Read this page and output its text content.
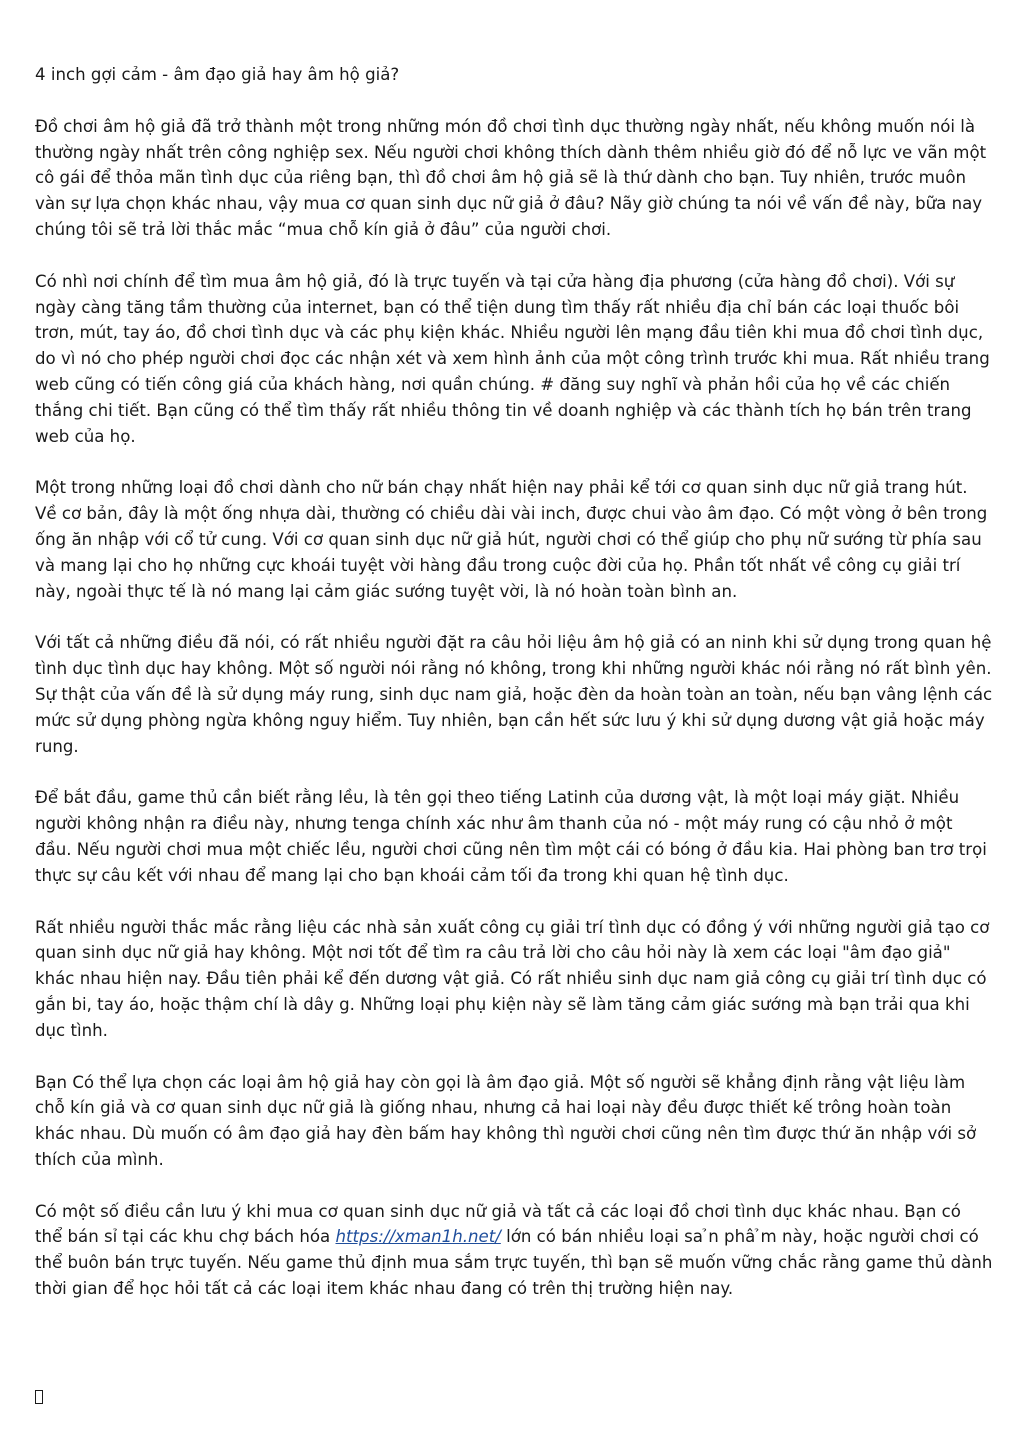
4 inch gợi cảm - âm đạo giả hay âm hộ giả?

Đồ chơi âm hộ giả đã trở thành một trong những món đồ chơi tình dục thường ngày nhất, nếu không muốn nói là thường ngày nhất trên công nghiệp sex. Nếu người chơi không thích dành thêm nhiều giờ đó để nỗ lực ve vãn một cô gái để thỏa mãn tình dục của riêng bạn, thì đồ chơi âm hộ giả sẽ là thứ dành cho bạn. Tuy nhiên, trước muôn vàn sự lựa chọn khác nhau, vậy mua cơ quan sinh dục nữ giả ở đâu? Nãy giờ chúng ta nói về vấn đề này, bữa nay chúng tôi sẽ trả lời thắc mắc “mua chỗ kín giả ở đâu” của người chơi.

Có nhì nơi chính để tìm mua âm hộ giả, đó là trực tuyến và tại cửa hàng địa phương (cửa hàng đồ chơi). Với sự ngày càng tăng tầm thường của internet, bạn có thể tiện dung tìm thấy rất nhiều địa chỉ bán các loại thuốc bôi trơn, mút, tay áo, đồ chơi tình dục và các phụ kiện khác. Nhiều người lên mạng đầu tiên khi mua đồ chơi tình dục, do vì nó cho phép người chơi đọc các nhận xét và xem hình ảnh của một công trình trước khi mua. Rất nhiều trang web cũng có tiến công giá của khách hàng, nơi quần chúng. # đăng suy nghĩ và phản hồi của họ về các chiến thắng chi tiết. Bạn cũng có thể tìm thấy rất nhiều thông tin về doanh nghiệp và các thành tích họ bán trên trang web của họ.

Một trong những loại đồ chơi dành cho nữ bán chạy nhất hiện nay phải kể tới cơ quan sinh dục nữ giả trang hút. Về cơ bản, đây là một ống nhựa dài, thường có chiều dài vài inch, được chui vào âm đạo. Có một vòng ở bên trong ống ăn nhập với cổ tử cung. Với cơ quan sinh dục nữ giả hút, người chơi có thể giúp cho phụ nữ sướng từ phía sau và mang lại cho họ những cực khoái tuyệt vời hàng đầu trong cuộc đời của họ. Phần tốt nhất về công cụ giải trí này, ngoài thực tế là nó mang lại cảm giác sướng tuyệt vời, là nó hoàn toàn bình an.

Với tất cả những điều đã nói, có rất nhiều người đặt ra câu hỏi liệu âm hộ giả có an ninh khi sử dụng trong quan hệ tình dục tình dục hay không. Một số người nói rằng nó không, trong khi những người khác nói rằng nó rất bình yên. Sự thật của vấn đề là sử dụng máy rung, sinh dục nam giả, hoặc đèn da hoàn toàn an toàn, nếu bạn vâng lệnh các mức sử dụng phòng ngừa không nguy hiểm. Tuy nhiên, bạn cần hết sức lưu ý khi sử dụng dương vật giả hoặc máy rung.

Để bắt đầu, game thủ cần biết rằng lều, là tên gọi theo tiếng Latinh của dương vật, là một loại máy giặt. Nhiều người không nhận ra điều này, nhưng tenga chính xác như âm thanh của nó - một máy rung có cậu nhỏ ở một đầu. Nếu người chơi mua một chiếc lều, người chơi cũng nên tìm một cái có bóng ở đầu kia. Hai phòng ban trơ trọi thực sự câu kết với nhau để mang lại cho bạn khoái cảm tối đa trong khi quan hệ tình dục.

Rất nhiều người thắc mắc rằng liệu các nhà sản xuất công cụ giải trí tình dục có đồng ý với những người giả tạo cơ quan sinh dục nữ giả hay không. Một nơi tốt để tìm ra câu trả lời cho câu hỏi này là xem các loại "âm đạo giả" khác nhau hiện nay. Đầu tiên phải kể đến dương vật giả. Có rất nhiều sinh dục nam giả công cụ giải trí tình dục có gắn bi, tay áo, hoặc thậm chí là dây g. Những loại phụ kiện này sẽ làm tăng cảm giác sướng mà bạn trải qua khi dục tình.

Bạn Có thể lựa chọn các loại âm hộ giả hay còn gọi là âm đạo giả. Một số người sẽ khẳng định rằng vật liệu làm chỗ kín giả và cơ quan sinh dục nữ giả là giống nhau, nhưng cả hai loại này đều được thiết kế trông hoàn toàn khác nhau. Dù muốn có âm đạo giả hay đèn bấm hay không thì người chơi cũng nên tìm được thứ ăn nhập với sở thích của mình.

Có một số điều cần lưu ý khi mua cơ quan sinh dục nữ giả và tất cả các loại đồ chơi tình dục khác nhau. Bạn có thể bán sỉ tại các khu chợ bách hóa https://xman1h.net/ lớn có bán nhiều loại sa ̉n phâ ̉m này, hoặc người chơi có thể buôn bán trực tuyến. Nếu game thủ định mua sắm trực tuyến, thì bạn sẽ muốn vững chắc rằng game thủ dành thời gian để học hỏi tất cả các loại item khác nhau đang có trên thị trường hiện nay.
